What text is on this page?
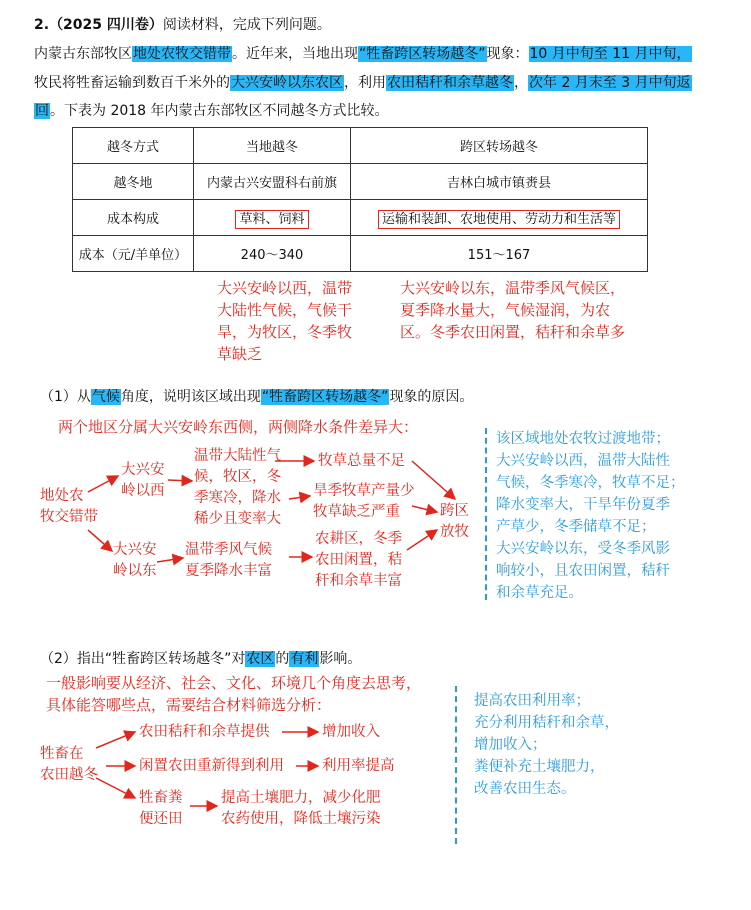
2.（2025 四川卷）阅读材料，完成下列问题。
内蒙古东部牧区地处农牧交错带。近年来，当地出现“牲畜跨区转场越冬”现象：10 月中旬至 11 月中旬，
牧民将牲畜运输到数百千米外的大兴安岭以东农区，利用农田秸秆和余草越冬，次年 2 月末至 3 月中旬返
回。下表为 2018 年内蒙古东部牧区不同越冬方式比较。
越冬方式	当地越冬	跨区转场越冬
越冬地	内蒙古兴安盟科右前旗	吉林白城市镇赉县
成本构成	草料、饲料	运输和装卸、农地使用、劳动力和生活等
成本（元/羊单位）	240～340	151～167
大兴安岭以西，温带
大陆性气候，气候干
旱，为牧区，冬季牧
草缺乏
大兴安岭以东，温带季风气候区，
夏季降水量大，气候湿润，为农
区。冬季农田闲置，秸秆和余草多
（1）从气候角度，说明该区域出现“牲畜跨区转场越冬”现象的原因。
两个地区分属大兴安岭东西侧，两侧降水条件差异大：
地处农
牧交错带
大兴安
岭以西
大兴安
岭以东
温带大陆性气
候，牧区，冬
季寒冷，降水
稀少且变率大
温带季风气候
夏季降水丰富
牧草总量不足
旱季牧草产量少
牧草缺乏严重
农耕区，冬季
农田闲置，秸
秆和余草丰富
跨区
放牧
该区域地处农牧过渡地带；
大兴安岭以西，温带大陆性
气候，冬季寒冷，牧草不足；
降水变率大，干旱年份夏季
产草少，冬季储草不足；
大兴安岭以东，受冬季风影
响较小，且农田闲置，秸秆
和余草充足。
（2）指出“牲畜跨区转场越冬”对农区的有利影响。
一般影响要从经济、社会、文化、环境几个角度去思考，
具体能答哪些点，需要结合材料筛选分析：
牲畜在
农田越冬
农田秸秆和余草提供	增加收入
闲置农田重新得到利用	利用率提高
牲畜粪
便还田
提高土壤肥力，减少化肥
农药使用，降低土壤污染
提高农田利用率；
充分利用秸秆和余草，
增加收入；
粪便补充土壤肥力，
改善农田生态。
